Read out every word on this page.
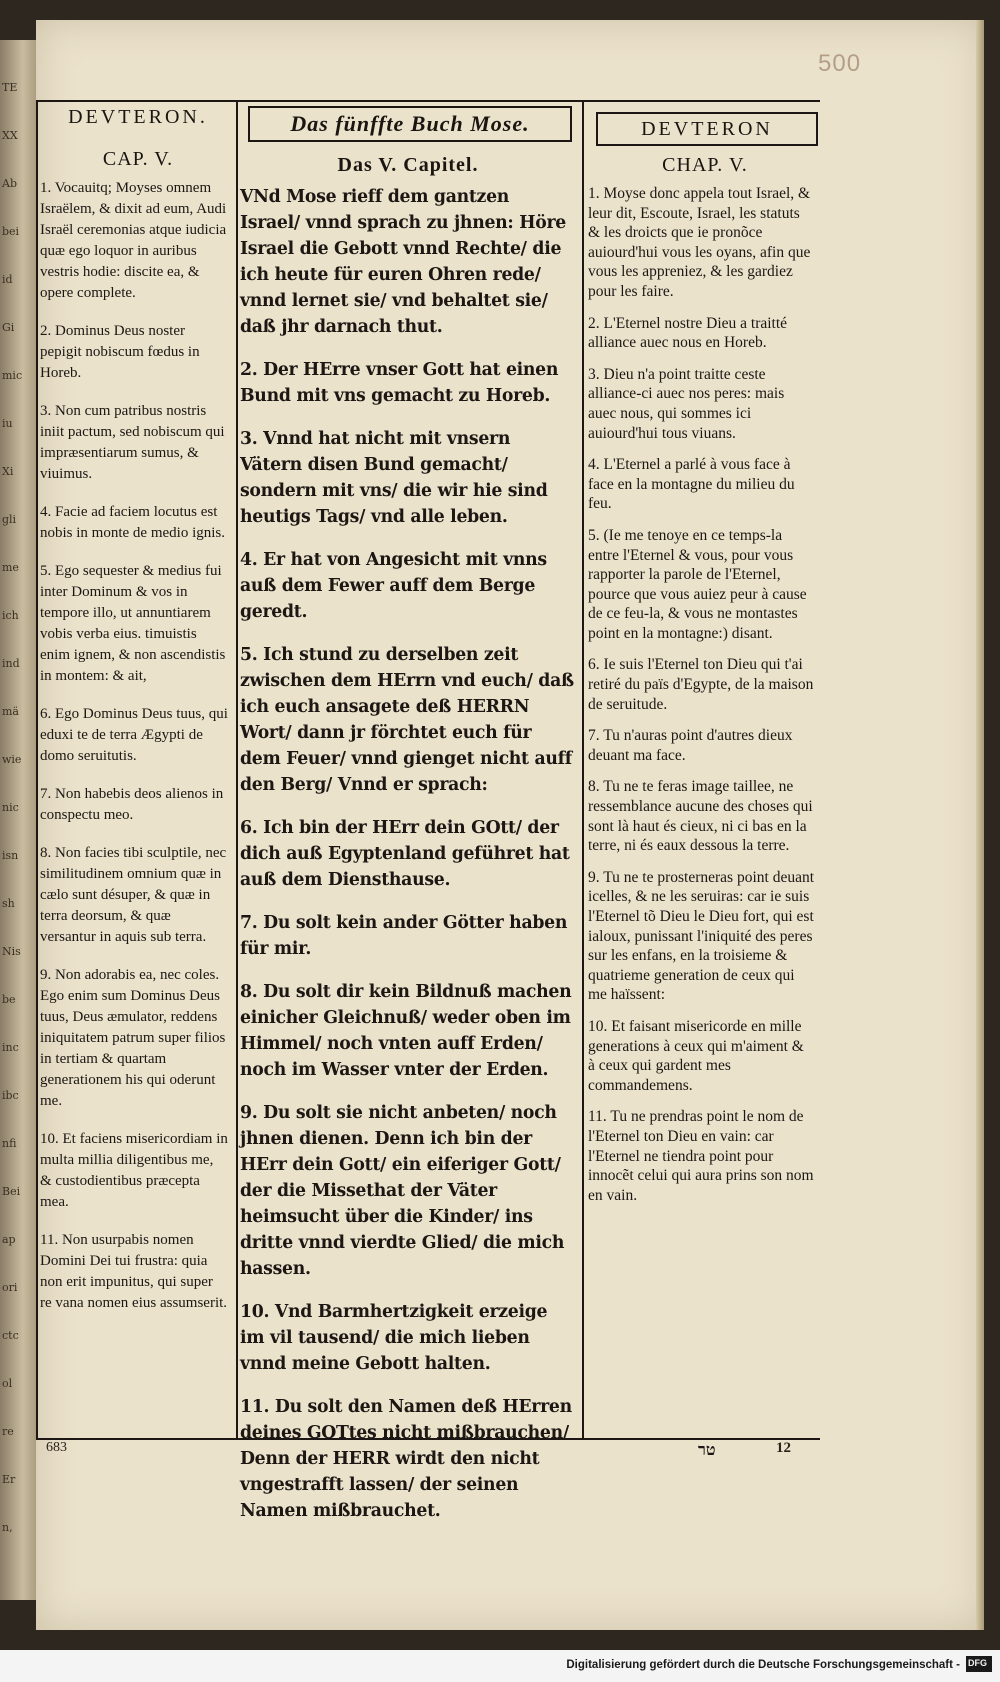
TE
XX
Ab
bei
id
Gi
mic
iu
Xi
gli
me
ich
ind
mä
wie
nic
isn
sh
Nis
be
inc
ibc
nfi
Bei
ap
ori
ctc
ol
re
Er
n,
500
DEVTERON.	Das fünffte Buch Mose.	DEVTERON
CAP. V.	Das V. Capitel.	CHAP. V.

1. Vocauitq; Moyses omnem Israëlem, & dixit ad eum, Audi Israël ceremonias atque iudicia quæ ego loquor in auribus vestris hodie: discite ea, & opere complete.

2. Dominus Deus noster pepigit nobiscum fœdus in Horeb.

3. Non cum patribus nostris iniit pactum, sed nobiscum qui impræsentiarum sumus, & viuimus.

4. Facie ad faciem locutus est nobis in monte de medio ignis.

5. Ego sequester & medius fui inter Dominum & vos in tempore illo, ut annuntiarem vobis verba eius. timuistis enim ignem, & non ascendistis in montem: & ait,

6. Ego Dominus Deus tuus, qui eduxi te de terra Ægypti de domo seruitutis.

7. Non habebis deos alienos in conspectu meo.

8. Non facies tibi sculptile, nec similitudinem omnium quæ in cælo sunt désuper, & quæ in terra deorsum, & quæ versantur in aquis sub terra.

9. Non adorabis ea, nec coles. Ego enim sum Dominus Deus tuus, Deus æmulator, reddens iniquitatem patrum super filios in tertiam & quartam generationem his qui oderunt me.

10. Et faciens misericordiam in multa millia diligentibus me, & custodientibus præcepta mea.

11. Non usurpabis nomen Domini Dei tui frustra: quia non erit impunitus, qui super re vana nomen eius assumserit.

VNd Mose rieff dem gantzen Israel/ vnnd sprach zu jhnen: Höre Israel die Gebott vnnd Rechte/ die ich heute für euren Ohren rede/ vnnd lernet sie/ vnd behaltet sie/ daß jhr darnach thut.

2. Der HErre vnser Gott hat einen Bund mit vns gemacht zu Horeb.

3. Vnnd hat nicht mit vnsern Vätern disen Bund gemacht/ sondern mit vns/ die wir hie sind heutigs Tags/ vnd alle leben.

4. Er hat von Angesicht mit vnns auß dem Fewer auff dem Berge geredt.

5. Ich stund zu derselben zeit zwischen dem HErrn vnd euch/ daß ich euch ansagete deß HERRN Wort/ dann jr förchtet euch für dem Feuer/ vnnd gienget nicht auff den Berg/ Vnnd er sprach:

6. Ich bin der HErr dein GOtt/ der dich auß Egyptenland geführet hat auß dem Diensthause.

7. Du solt kein ander Götter haben für mir.

8. Du solt dir kein Bildnuß machen einicher Gleichnuß/ weder oben im Himmel/ noch vnten auff Erden/ noch im Wasser vnter der Erden.

9. Du solt sie nicht anbeten/ noch jhnen dienen. Denn ich bin der HErr dein Gott/ ein eiferiger Gott/ der die Missethat der Väter heimsucht über die Kinder/ ins dritte vnnd vierdte Glied/ die mich hassen.

10. Vnd Barmhertzigkeit erzeige im vil tausend/ die mich lieben vnnd meine Gebott halten.

11. Du solt den Namen deß HErren deines GOTtes nicht mißbrauchen/ Denn der HERR wirdt den nicht vngestrafft lassen/ der seinen Namen mißbrauchet.

1. Moyse donc appela tout Israel, & leur dit, Escoute, Israel, les statuts & les droicts que ie pronõce auiourd'hui vous les oyans, afin que vous les appreniez, & les gardiez pour les faire.

2. L'Eternel nostre Dieu a traitté alliance auec nous en Horeb.

3. Dieu n'a point traitte ceste alliance-ci auec nos peres: mais auec nous, qui sommes ici auiourd'hui tous viuans.

4. L'Eternel a parlé à vous face à face en la montagne du milieu du feu.

5. (Ie me tenoye en ce temps-la entre l'Eternel & vous, pour vous rapporter la parole de l'Eternel, pource que vous auiez peur à cause de ce feu-la, & vous ne montastes point en la montagne:) disant.

6. Ie suis l'Eternel ton Dieu qui t'ai retiré du païs d'Egypte, de la maison de seruitude.

7. Tu n'auras point d'autres dieux deuant ma face.

8. Tu ne te feras image taillee, ne ressemblance aucune des choses qui sont là haut és cieux, ni ci bas en la terre, ni és eaux dessous la terre.

9. Tu ne te prosterneras point deuant icelles, & ne les seruiras: car ie suis l'Eternel tõ Dieu le Dieu fort, qui est ialoux, punissant l'iniquité des peres sur les enfans, en la troisieme & quatrieme generation de ceux qui me haïssent:

10. Et faisant misericorde en mille generations à ceux qui m'aiment & à ceux qui gardent mes commandemens.

11. Tu ne prendras point le nom de l'Eternel ton Dieu en vain: car l'Eternel ne tiendra point pour innocẽt celui qui aura prins son nom en vain.

683	טר	12
Digitalisierung gefördert durch die Deutsche Forschungsgemeinschaft - DFG
